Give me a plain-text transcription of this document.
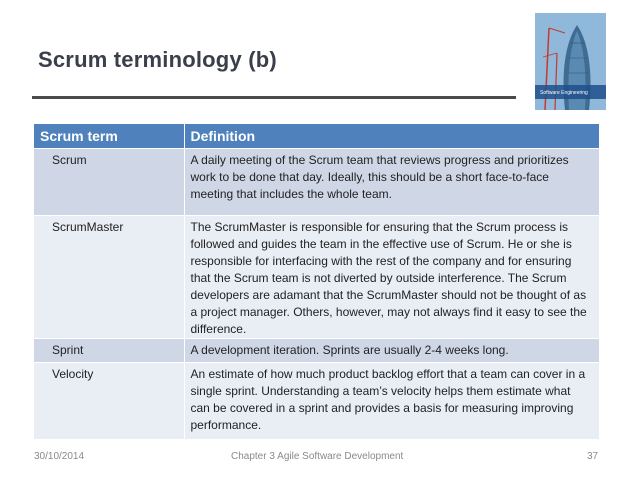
Scrum terminology (b)
Software Engineering
Scrum term	Definition
Scrum	A daily meeting of the Scrum team that reviews progress and prioritizes work to be done that day. Ideally, this should be a short face-to-face meeting that includes the whole team.
ScrumMaster	The ScrumMaster is responsible for ensuring that the Scrum process is followed and guides the team in the effective use of Scrum. He or she is responsible for interfacing with the rest of the company and for ensuring that the Scrum team is not diverted by outside interference. The Scrum developers are adamant that the ScrumMaster should not be thought of as a project manager. Others, however, may not always find it easy to see the difference.
Sprint	A development iteration. Sprints are usually 2-4 weeks long.
Velocity	An estimate of how much product backlog effort that a team can cover in a single sprint. Understanding a team’s velocity helps them estimate what can be covered in a sprint and provides a basis for measuring improving performance.
30/10/2014	Chapter 3 Agile Software Development	37
